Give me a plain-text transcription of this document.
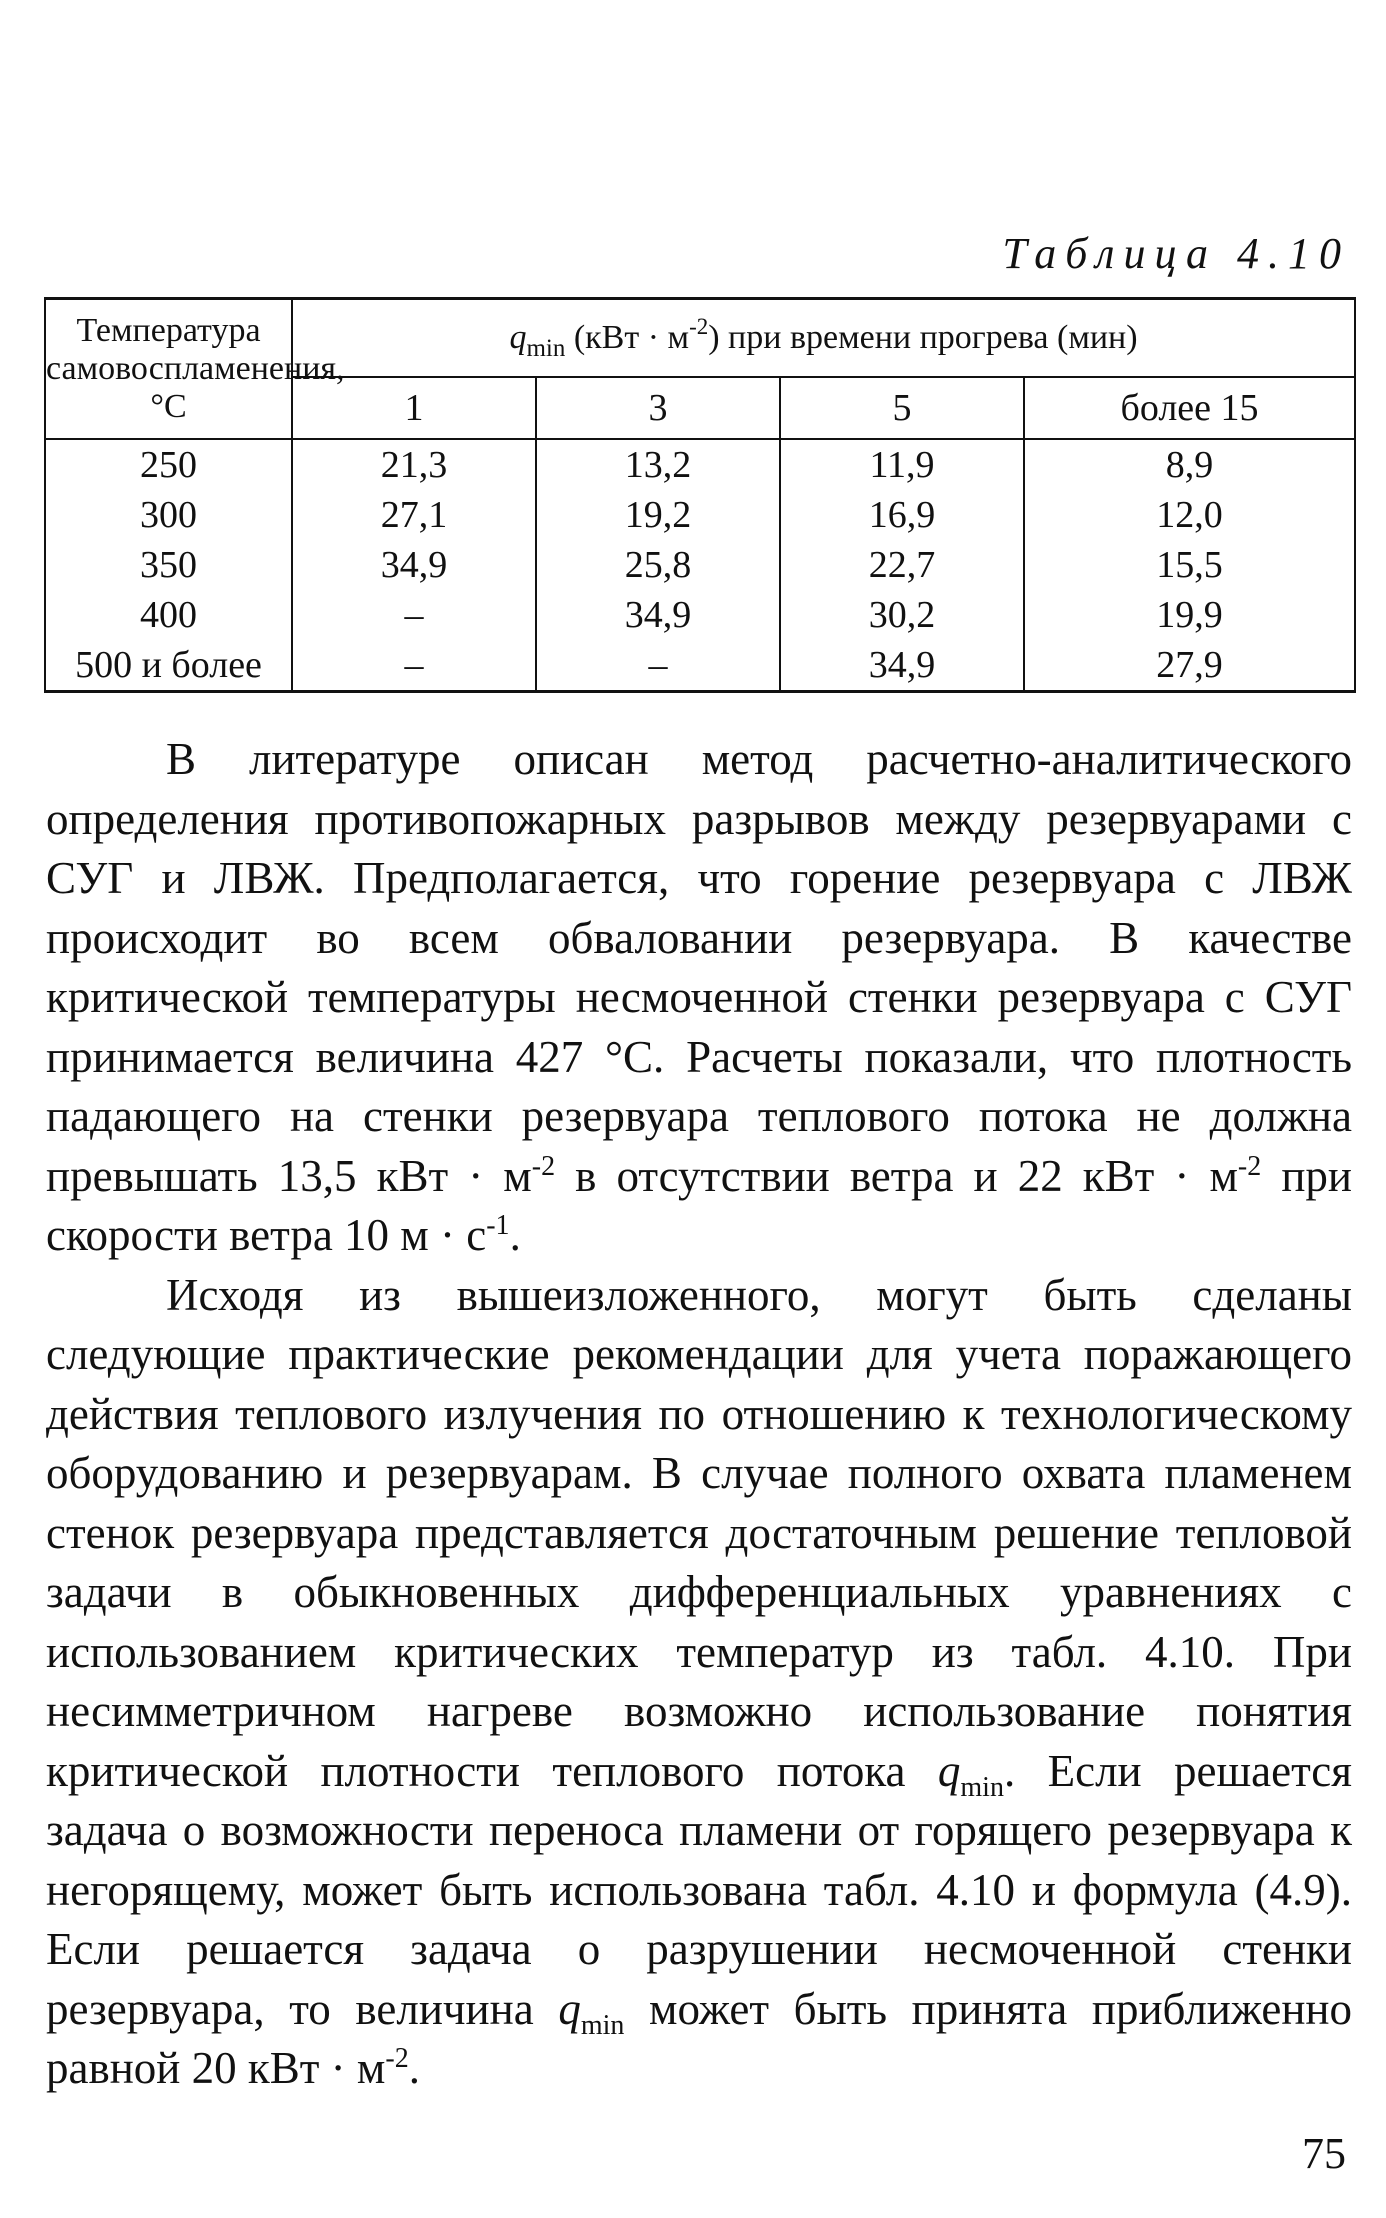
Таблица 4.10
Температура самовоспламенения, °С	$q_{min}$ $(кВт \cdot м^{-2})$ при времени прогрева (мин)			
	1	3	5	более 15
250	21,3	13,2	11,9	8,9
300	27,1	19,2	16,9	12,0
350	34,9	25,8	22,7	15,5
400	–	34,9	30,2	19,9
500 и более	–	–	34,9	27,9

В литературе описан метод расчетно-аналитического определения противопожарных разрывов между резервуарами с СУГ и ЛВЖ. Предполагается, что горение резервуара с ЛВЖ происходит во всем обваловании резервуара. В качестве критической температуры несмоченной стенки резервуара с СУГ принимается величина 427 °С. Расчеты показали, что плотность падающего на стенки резервуара теплового потока не должна превышать 13,5 кВт · $м^{-2}$ в отсутствии ветра и 22 кВт · $м^{-2}$ при скорости ветра 10 $м \cdot с^{-1}$.

Исходя из вышеизложенного, могут быть сделаны следующие практические рекомендации для учета поражающего действия теплового излучения по отношению к технологическому оборудованию и резервуарам. В случае полного охвата пламенем стенок резервуара представляется достаточным решение тепловой задачи в обыкновенных дифференциальных уравнениях с использованием критических температур из табл. 4.10. При несимметричном нагреве возможно использование понятия критической плотности теплового потока $q_{min}$. Если решается задача о возможности переноса пламени от горящего резервуара к негорящему, может быть использована табл. 4.10 и формула (4.9). Если решается задача о разрушении несмоченной стенки резервуара, то величина $q_{min}$ может быть принята приближенно равной 20 кВт · $м^{-2}$.

75
